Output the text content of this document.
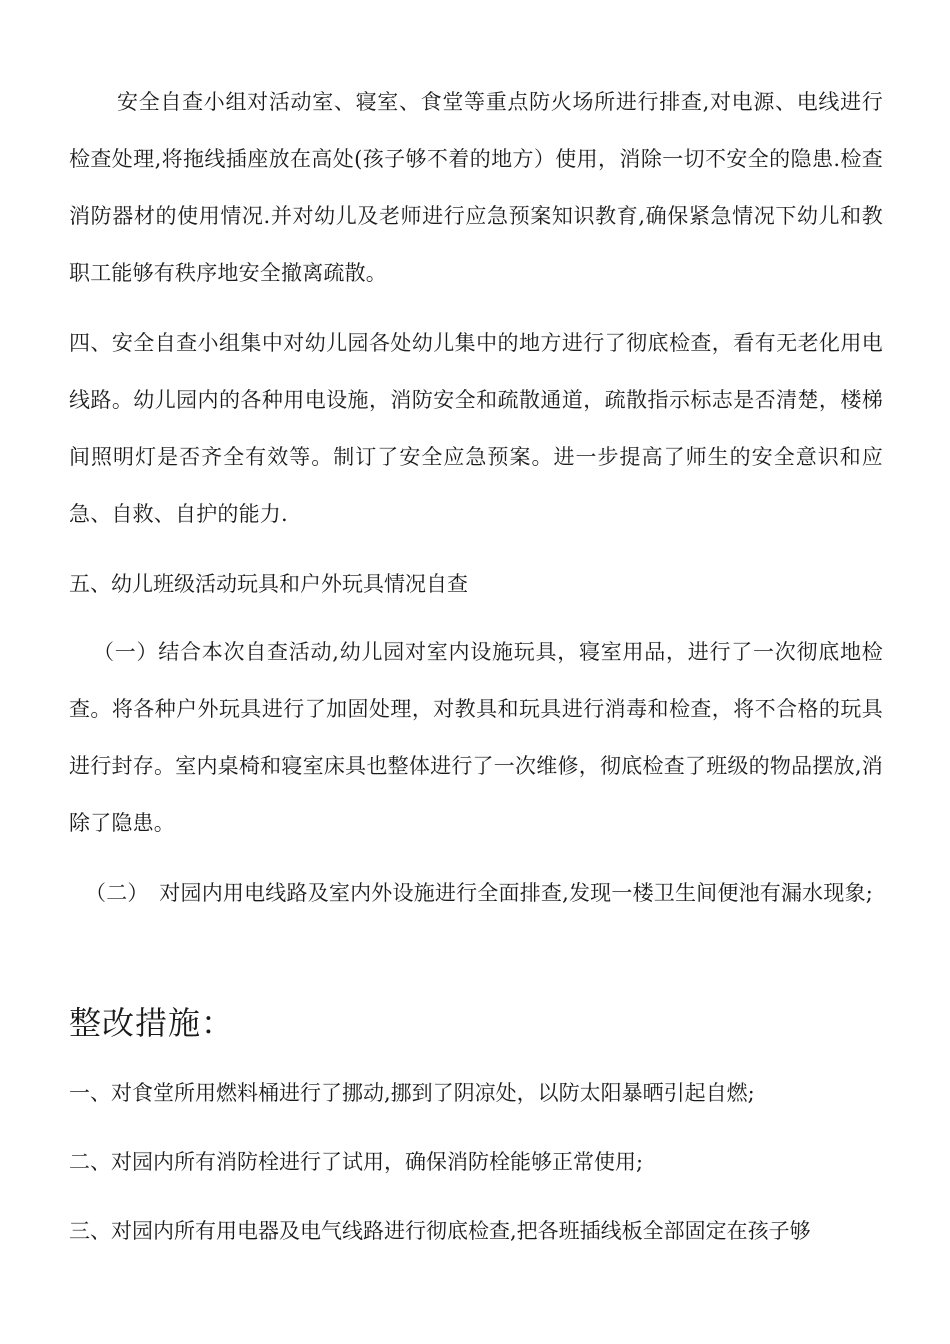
安全自查小组对活动室、寝室、食堂等重点防火场所进行排查,对电源、电线进行检查处理,将拖线插座放在高处(孩子够不着的地方）使用，消除一切不安全的隐患.检查消防器材的使用情况.并对幼儿及老师进行应急预案知识教育,确保紧急情况下幼儿和教职工能够有秩序地安全撤离疏散。

四、安全自查小组集中对幼儿园各处幼儿集中的地方进行了彻底检查，看有无老化用电线路。幼儿园内的各种用电设施，消防安全和疏散通道，疏散指示标志是否清楚，楼梯间照明灯是否齐全有效等。制订了安全应急预案。进一步提高了师生的安全意识和应急、自救、自护的能力.

五、幼儿班级活动玩具和户外玩具情况自查

（一）结合本次自查活动,幼儿园对室内设施玩具，寝室用品，进行了一次彻底地检查。将各种户外玩具进行了加固处理，对教具和玩具进行消毒和检查，将不合格的玩具进行封存。室内桌椅和寝室床具也整体进行了一次维修，彻底检查了班级的物品摆放,消除了隐患。

（二）　对园内用电线路及室内外设施进行全面排查,发现一楼卫生间便池有漏水现象;

整改措施：

一、对食堂所用燃料桶进行了挪动,挪到了阴凉处，以防太阳暴晒引起自燃;

二、对园内所有消防栓进行了试用，确保消防栓能够正常使用;

三、对园内所有用电器及电气线路进行彻底检查,把各班插线板全部固定在孩子够
